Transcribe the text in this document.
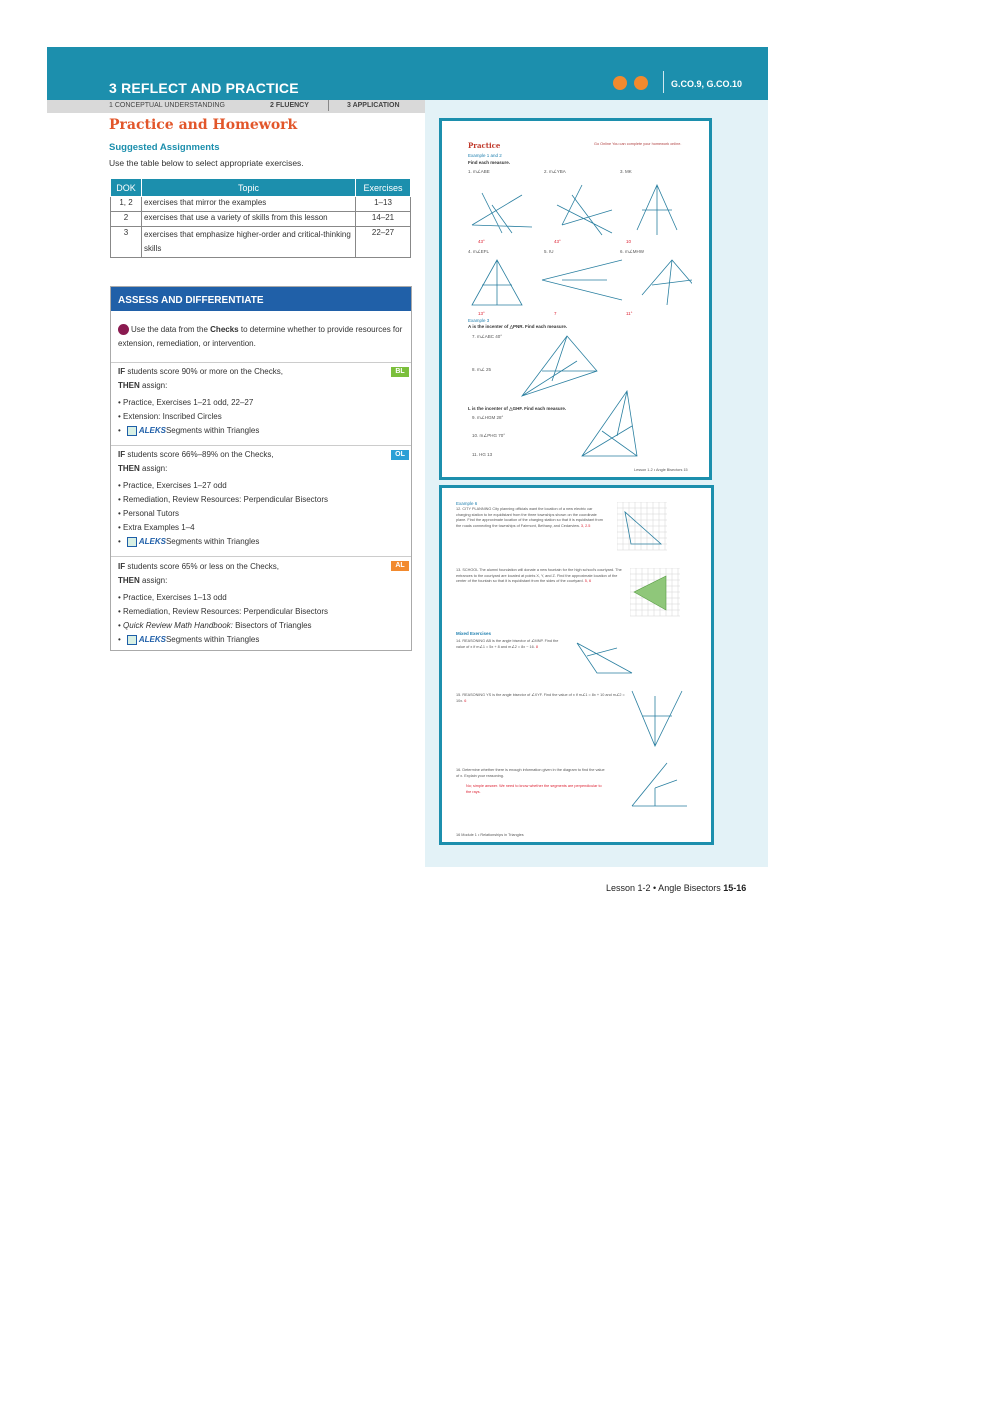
3 REFLECT AND PRACTICE	G.CO.9, G.CO.10
1 CONCEPTUAL UNDERSTANDING	2 FLUENCY	3 APPLICATION
Practice and Homework
Suggested Assignments
Use the table below to select appropriate exercises.
DOK	Topic	Exercises
1, 2	exercises that mirror the examples	1–13
2	exercises that use a variety of skills from this lesson	14–21
3	exercises that emphasize higher-order and critical-thinking skills	22–27
ASSESS AND DIFFERENTIATE
Use the data from the Checks to determine whether to provide resources for extension, remediation, or intervention.
BL
IF students score 90% or more on the Checks,
THEN assign:
• Practice, Exercises 1–21 odd, 22–27
• Extension: Inscribed Circles
• ALEKSSegments within Triangles
OL
IF students score 66%–89% on the Checks,
THEN assign:
• Practice, Exercises 1–27 odd
• Remediation, Review Resources: Perpendicular Bisectors
• Personal Tutors
• Extra Examples 1–4
• ALEKSSegments within Triangles
AL
IF students score 65% or less on the Checks,
THEN assign:
• Practice, Exercises 1–13 odd
• Remediation, Review Resources: Perpendicular Bisectors
• Quick Review Math Handbook: Bisectors of Triangles
• ALEKSSegments within Triangles
Practice	Go Online You can complete your homework online.
Example 1 and 2
Find each measure.
1. m∠ABE	2. m∠YBA	3. MK
43°	43°	10
4. m∠EFL	5. IU	6. m∠MHW
13°	7	11°
Example 3
A is the incenter of △PNR. Find each measure.
7. m∠ABC 40°
8. m∠ 25
L is the incenter of △GHF. Find each measure.
9. m∠HGM 28°
10. m∠PHG 70°
11. HG 13
Lesson 1-2 • Angle Bisectors 15
Example 6
12. CITY PLANNING City planning officials want the location of a new electric car charging station to be equidistant from the three townships shown on the coordinate plane. Find the approximate location of the charging station so that it is equidistant from the roads connecting the townships of Fairmont, Bethany, and Cedarview. 3, 2.5
13. SCHOOL The alumni foundation will donate a new fountain for the high school's courtyard. The entrances to the courtyard are located at points X, Y, and Z. Find the approximate location of the center of the fountain so that it is equidistant from the sides of the courtyard. 5, 6
Mixed Exercises
14. REASONING AB is the angle bisector of ∠MNP. Find the value of x if m∠1 = 5x + 8 and m∠2 = 8x − 16. 8
15. REASONING YS is the angle bisector of ∠XYF. Find the value of x if m∠1 = 8x + 10 and m∠2 = 10x. 6
16. Determine whether there is enough information given in the diagram to find the value of x. Explain your reasoning.
No; simple answer. We need to know whether the segments are perpendicular to the rays.
16 Module 1 • Relationships in Triangles
Lesson 1-2 • Angle Bisectors 15-16
